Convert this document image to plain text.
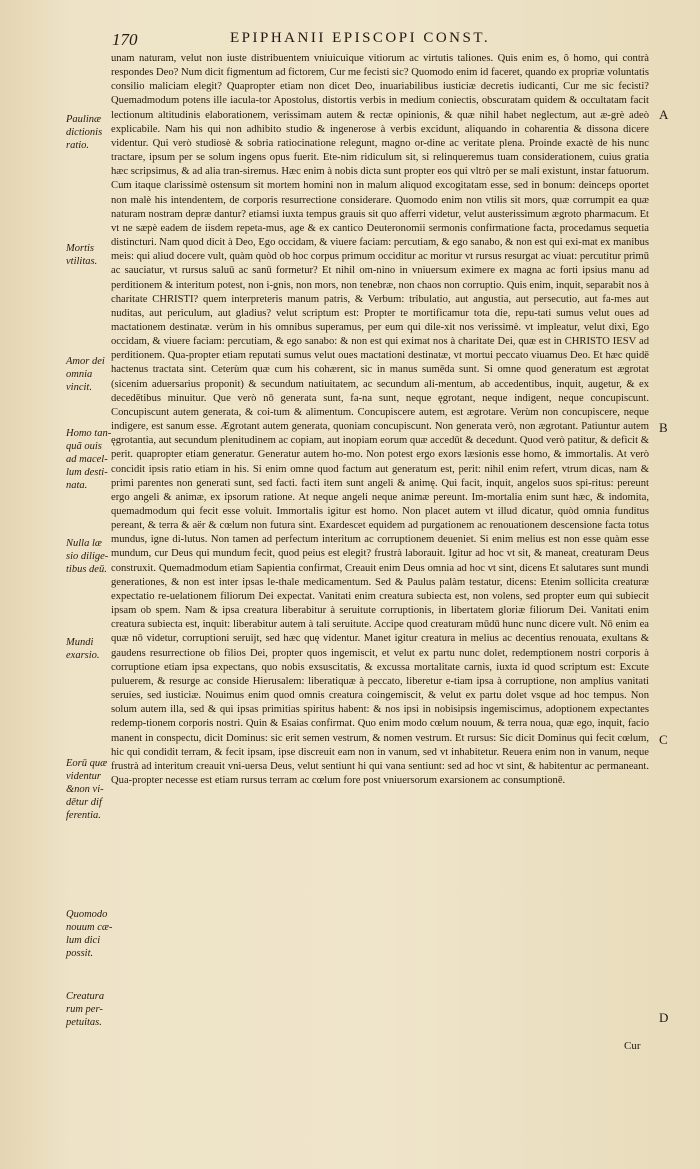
170	EPIPHANII EPISCOPI CONST.
Paulinæ dictionis ratio.
Mortis vtilitas.
Amor dei omnia vincit.
Homo tan-quã ouis ad macel-lum desti-nata.
Nulla læ sio dilige-tibus deū.
Mundi exarsio.
Eorū quæ videntur &non vi-dētur dif ferentia.
Quomodo nouum cæ-lum dici possit.
Creatura rum per-petuitas.
A
B
C
D

unam naturam, velut non iuste distribuentem vniuicuique vitiorum ac virtutis taliones. Quis enim es, ô homo, qui contrà respondes Deo? Num dicit figmentum ad fictorem, Cur me fecisti sic? Quomodo enim id faceret, quando ex propriæ voluntatis consilio maliciam elegit? Quapropter etiam non dicet Deo, inuariabilibus iusticiæ decretis iudicanti, Cur me sic fecisti? Quemadmodum potens ille iacula-tor Apostolus, distortis verbis in medium coniectis, obscuratam quidem & occultatam facit lectionum altitudinis elaborationem, verissimam autem & rectæ opinionis, & quæ nihil habet neglectum, aut æ-grè adeò explicabile. Nam his qui non adhibito studio & ingenerose à verbis excidunt, aliquando in coharentia & dissona dicere videntur. Qui verò studiosè & sobria ratiocinatione relegunt, magno or-dine ac veritate plena. Proinde exactè de his nunc tractare, ipsum per se solum ingens opus fuerit. Ete-nim ridiculum sit, si relinqueremus tuam considerationem, cuius gratia hæc scripsimus, & ad alia tran-siremus. Hæc enim à nobis dicta sunt propter eos qui vltrò per se mali existunt, instar fatuorum. Cum itaque clarissimè ostensum sit mortem homini non in malum aliquod excogitatam esse, sed in bonum: deinceps oportet non malè his intendentem, de corporis resurrectione considerare. Quomodo enim non vtilis sit mors, quæ corrumpit ea quæ naturam nostram depræ dantur? etiamsi iuxta tempus grauis sit quo afferri videtur, velut austerissimum ægroto pharmacum. Et vt ne sæpè eadem de iisdem repeta-mus, age & ex cantico Deuteronomii sermonis confirmatione facta, procedamus sequetia distincturi. Nam quod dicit à Deo, Ego occidam, & viuere faciam: percutiam, & ego sanabo, & non est qui exi-mat ex manibus meis: qui aliud docere vult, quàm quòd ob hoc corpus primum occiditur ac moritur vt rursus resurgat ac viuat: percutitur primū ac sauciatur, vt rursus saluū ac sanū formetur? Et nihil om-nino in vniuersum eximere ex magna ac forti ipsius manu ad perditionem & interitum potest, non i-gnis, non mors, non tenebræ, non chaos non corruptio. Quis enim, inquit, separabit nos à charitate CHRISTI? quem interpreteris manum patris, & Verbum: tribulatio, aut angustia, aut persecutio, aut fa-mes aut nuditas, aut periculum, aut gladius? velut scriptum est: Propter te mortificamur tota die, repu-tati sumus velut oues ad mactationem destinatæ. verùm in his omnibus superamus, per eum qui dile-xit nos verissimè. vt impleatur, velut dixi, Ego occidam, & viuere faciam: percutiam, & ego sanabo: & non est qui eximat nos à charitate Dei, quæ est in CHRISTO IESV ad perditionem. Qua-propter etiam reputati sumus velut oues mactationi destinatæ, vt mortui peccato viuamus Deo. Et hæc quidē hactenus tractata sint. Ceterùm quæ cum his cohærent, sic in manus sumēda sunt. Si omne quod generatum est ægrotat (sicenim aduersarius proponit) & secundum natiuitatem, ac secundum ali-mentum, ab accedentibus, inquit, augetur, & ex decedētibus minuitur. Que verò nō generata sunt, fa-na sunt, neque ęgrotant, neque indigent, neque concupiscunt. Concupiscunt autem generata, & coi-tum & alimentum. Concupiscere autem, est ægrotare. Verùm non concupiscere, neque indigere, est sanum esse. Ægrotant autem generata, quoniam concupiscunt. Non generata verò, non ægrotant. Patiuntur autem ęgrotantia, aut secundum plenitudinem ac copiam, aut inopiam eorum quæ accedūt & decedunt. Quod verò patitur, & deficit & perit. quapropter etiam generatur. Generatur autem ho-mo. Non potest ergo exors læsionis esse homo, & immortalis. At verò concidit ipsis ratio etiam in his. Si enim omne quod factum aut generatum est, perit: nihil enim refert, vtrum dicas, nam & primi parentes non generati sunt, sed facti. facti item sunt angeli & animę. Qui facit, inquit, angelos suos spi-ritus: pereunt ergo angeli & animæ, ex ipsorum ratione. At neque angeli neque animæ pereunt. Im-mortalia enim sunt hæc, & indomita, quemadmodum qui fecit esse voluit. Immortalis igitur est homo. Non placet autem vt illud dicatur, quòd omnia funditus pereant, & terra & aër & cœlum non futura sint. Exardescet equidem ad purgationem ac renouationem descensione facta totus mundus, igne di-lutus. Non tamen ad perfectum interitum ac corruptionem deueniet. Si enim melius est non esse quàm esse mundum, cur Deus qui mundum fecit, quod peius est elegit? frustrà laborauit. Igitur ad hoc vt sit, & maneat, creaturam Deus construxit. Quemadmodum etiam Sapientia confirmat, Creauit enim Deus omnia ad hoc vt sint, dicens Et salutares sunt mundi generationes, & non est inter ipsas le-thale medicamentum. Sed & Paulus palàm testatur, dicens: Etenim sollicita creaturæ expectatio re-uelationem filiorum Dei expectat. Vanitati enim creatura subiecta est, non volens, sed propter eum qui subiecit ipsam ob spem. Nam & ipsa creatura liberabitur à seruitute corruptionis, in libertatem gloriæ filiorum Dei. Vanitati enim creatura subiecta est, inquit: liberabitur autem à tali seruitute. Accipe quod creaturam mūdū hunc nunc dicere vult. Nō enim ea quæ nō videtur, corruptioni seruijt, sed hæc quę videntur. Manet igitur creatura in melius ac decentius renouata, exultans & gaudens resurrectione ob filios Dei, propter quos ingemiscit, et velut ex partu nunc dolet, redemptionem nostri corporis à corruptione etiam ipsa expectans, quo nobis exsuscitatis, & excussa mortalitate carnis, iuxta id quod scriptum est: Excute puluerem, & resurge ac conside Hierusalem: liberatiquæ à peccato, liberetur e-tiam ipsa à corruptione, non amplius vanitati seruies, sed iusticiæ. Nouimus enim quod omnis creatura coingemiscit, & velut ex partu dolet vsque ad hoc tempus. Non solum autem illa, sed & qui ipsas primitias spiritus habent: & nos ipsi in nobisipsis ingemiscimus, adoptionem expectantes redemp-tionem corporis nostri. Quin & Esaias confirmat. Quo enim modo cœlum nouum, & terra noua, quæ ego, inquit, facio manent in conspectu, dicit Dominus: sic erit semen vestrum, & nomen vestrum. Et rursus: Sic dicit Dominus qui fecit cœlum, hic qui condidit terram, & fecit ipsam, ipse discreuit eam non in vanum, sed vt inhabitetur. Reuera enim non in vanum, neque frustrà ad interitum creauit vni-uersa Deus, velut sentiunt hi qui vana sentiunt: sed ad hoc vt sint, & habitentur ac permaneant. Qua-propter necesse est etiam rursus terram ac cœlum fore post vniuersorum exarsionem ac consumptionē.

Cur
